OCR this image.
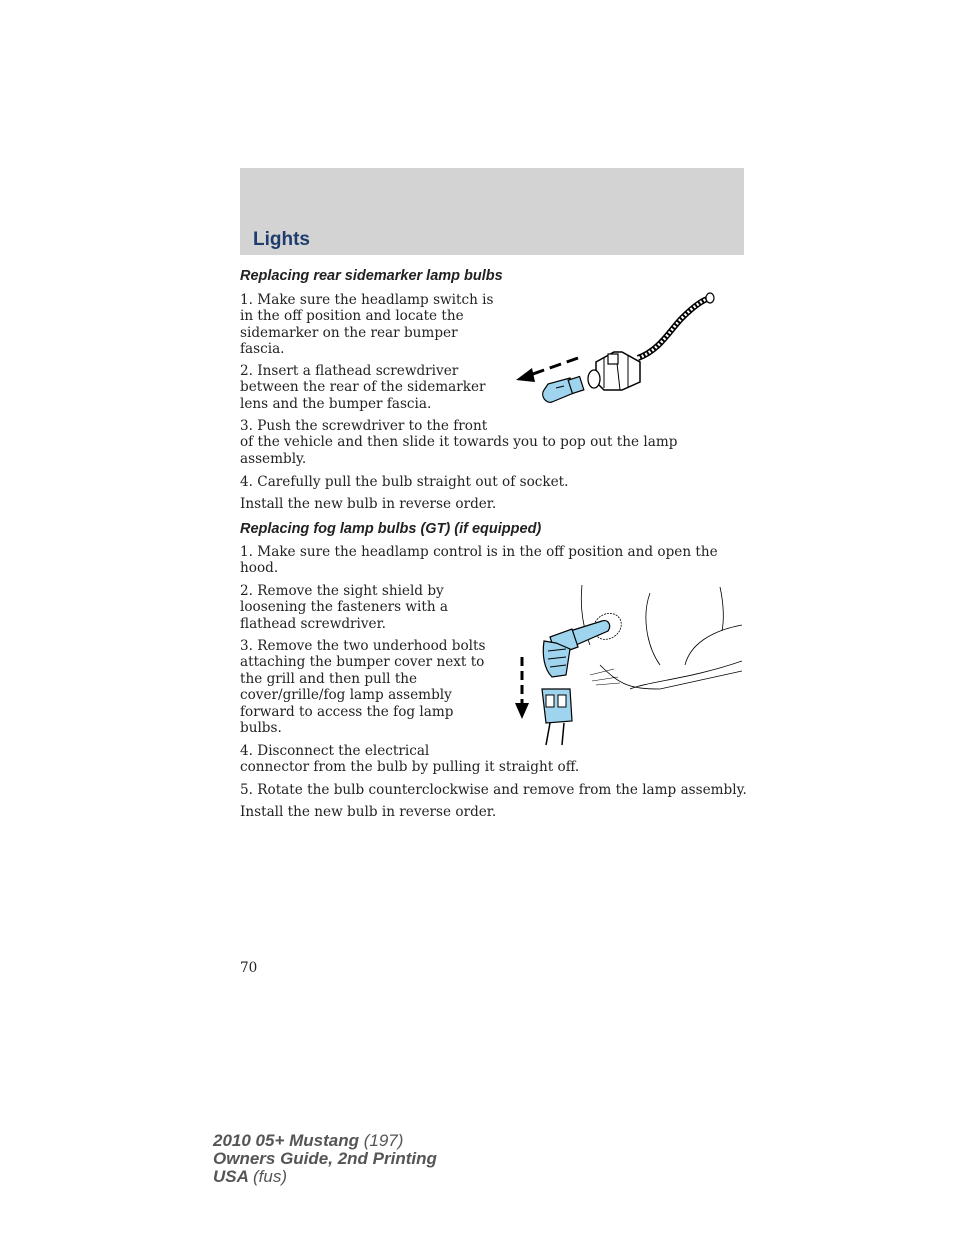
Lights
Replacing rear sidemarker lamp bulbs

1. Make sure the headlamp switch is
in the off position and locate the
sidemarker on the rear bumper
fascia.

2. Insert a flathead screwdriver
between the rear of the sidemarker
lens and the bumper fascia.

3. Push the screwdriver to the front
of the vehicle and then slide it towards you to pop out the lamp
assembly.

4. Carefully pull the bulb straight out of socket.

Install the new bulb in reverse order.

Replacing fog lamp bulbs (GT) (if equipped)

1. Make sure the headlamp control is in the off position and open the
hood.

2. Remove the sight shield by
loosening the fasteners with a
flathead screwdriver.

3. Remove the two underhood bolts
attaching the bumper cover next to
the grill and then pull the
cover/grille/fog lamp assembly
forward to access the fog lamp
bulbs.

4. Disconnect the electrical
connector from the bulb by pulling it straight off.

5. Rotate the bulb counterclockwise and remove from the lamp assembly.

Install the new bulb in reverse order.

70
2010 05+ Mustang (197)
Owners Guide, 2nd Printing
USA (fus)
